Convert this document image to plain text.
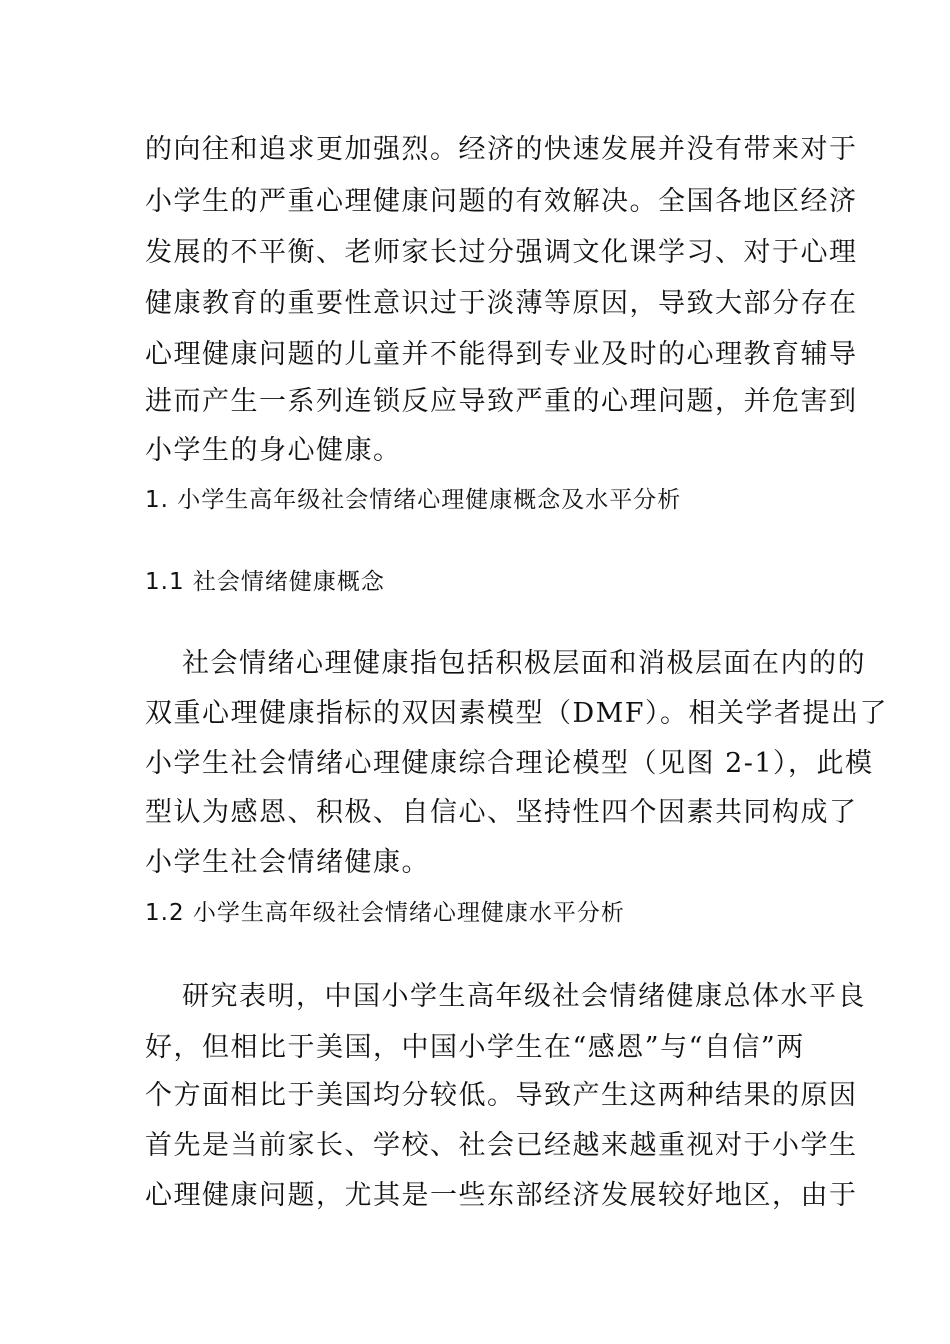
的向往和追求更加强烈。经济的快速发展并没有带来对于
小学生的严重心理健康问题的有效解决。全国各地区经济
发展的不平衡、老师家长过分强调文化课学习、对于心理
健康教育的重要性意识过于淡薄等原因，导致大部分存在
心理健康问题的儿童并不能得到专业及时的心理教育辅导
进而产生一系列连锁反应导致严重的心理问题，并危害到
小学生的身心健康。
1. 小学生高年级社会情绪心理健康概念及水平分析
1.1 社会情绪健康概念
社会情绪心理健康指包括积极层面和消极层面在内的的
双重心理健康指标的双因素模型（DMF）。相关学者提出了
小学生社会情绪心理健康综合理论模型（见图 2-1），此模
型认为感恩、积极、自信心、坚持性四个因素共同构成了
小学生社会情绪健康。
1.2 小学生高年级社会情绪心理健康水平分析
研究表明，中国小学生高年级社会情绪健康总体水平良
好，但相比于美国，中国小学生在“感恩”与“自信”两
个方面相比于美国均分较低。导致产生这两种结果的原因
首先是当前家长、学校、社会已经越来越重视对于小学生
心理健康问题，尤其是一些东部经济发展较好地区，由于
